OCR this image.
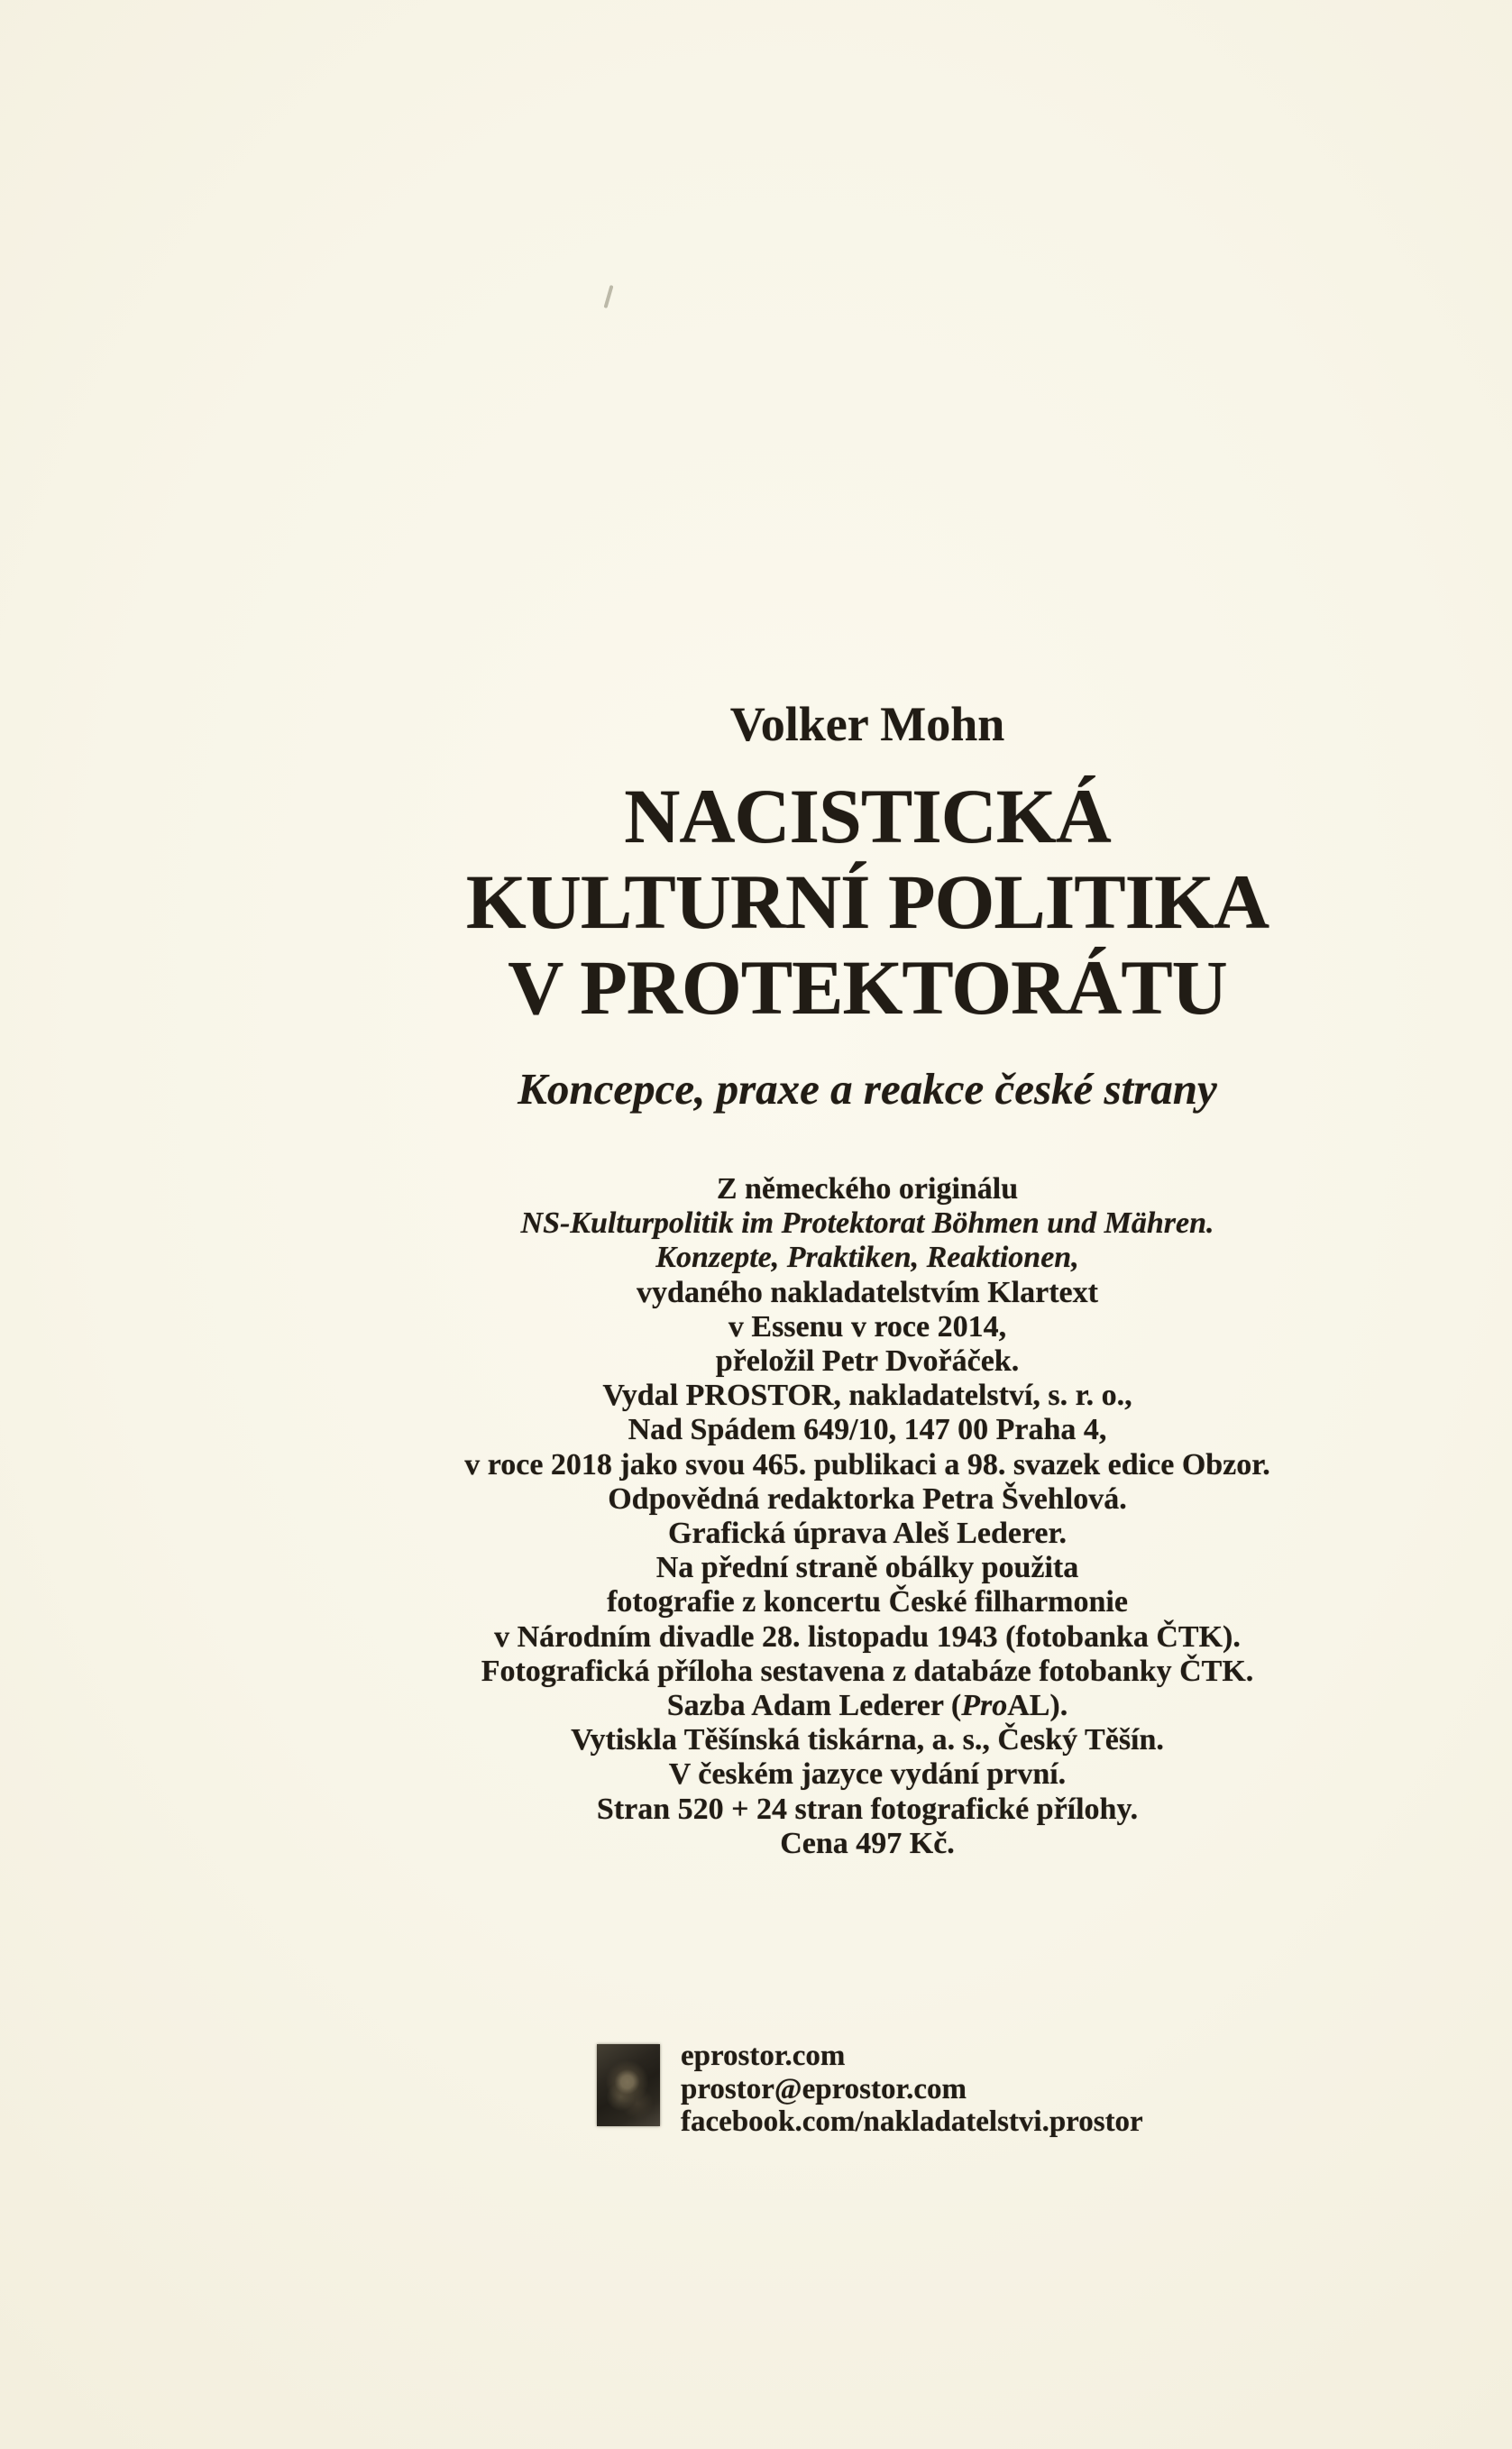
Volker Mohn
NACISTICKÁ
KULTURNÍ POLITIKA
V PROTEKTORÁTU
Koncepce, praxe a reakce české strany
Z německého originálu
NS-Kulturpolitik im Protektorat Böhmen und Mähren.
Konzepte, Praktiken, Reaktionen,
vydaného nakladatelstvím Klartext
v Essenu v roce 2014,
přeložil Petr Dvořáček.
Vydal PROSTOR, nakladatelství, s. r. o.,
Nad Spádem 649/10, 147 00 Praha 4,
v roce 2018 jako svou 465. publikaci a 98. svazek edice Obzor.
Odpovědná redaktorka Petra Švehlová.
Grafická úprava Aleš Lederer.
Na přední straně obálky použita
fotografie z koncertu České filharmonie
v Národním divadle 28. listopadu 1943 (fotobanka ČTK).
Fotografická příloha sestavena z databáze fotobanky ČTK.
Sazba Adam Lederer (ProAL).
Vytiskla Těšínská tiskárna, a. s., Český Těšín.
V českém jazyce vydání první.
Stran 520 + 24 stran fotografické přílohy.
Cena 497 Kč.
eprostor.com
prostor@eprostor.com
facebook.com/nakladatelstvi.prostor
